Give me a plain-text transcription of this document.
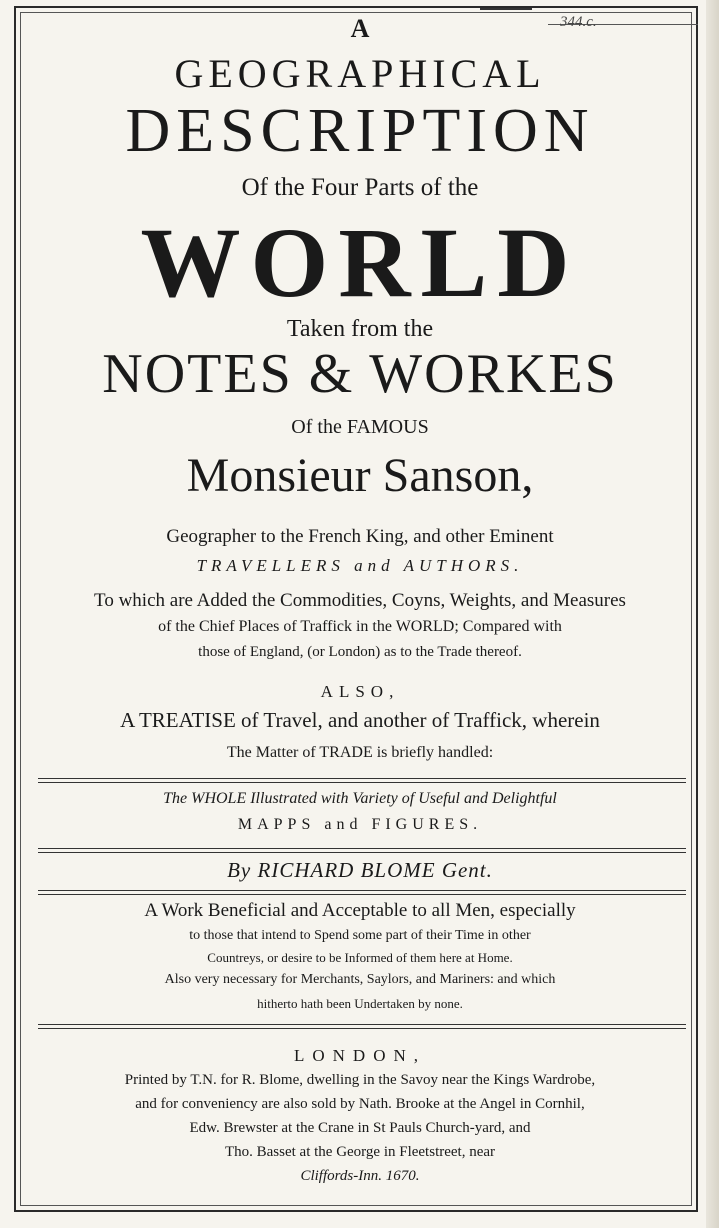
344.c.
A
GEOGRAPHICAL
DESCRIPTION
Of the Four Parts of the
WORLD
Taken from the
NOTES & WORKES
Of the FAMOUS
Monsieur Sanson,
Geographer to the French King, and other Eminent
TRAVELLERS and AUTHORS.
To which are Added the Commodities, Coyns, Weights, and Measures
of the Chief Places of Traffick in the WORLD; Compared with
those of England, (or London) as to the Trade thereof.
ALSO,
A TREATISE of Travel, and another of Traffick, wherein
The Matter of TRADE is briefly handled:
The WHOLE Illustrated with Variety of Useful and Delightful
MAPPS and FIGURES.
By RICHARD BLOME Gent.
A Work Beneficial and Acceptable to all Men, especially
to those that intend to Spend some part of their Time in other
Countreys, or desire to be Informed of them here at Home.
Also very necessary for Merchants, Saylors, and Mariners: and which
hitherto hath been Undertaken by none.
LONDON,
Printed by T.N. for R. Blome, dwelling in the Savoy near the Kings Wardrobe,
and for conveniency are also sold by Nath. Brooke at the Angel in Cornhil,
Edw. Brewster at the Crane in St Pauls Church-yard, and
Tho. Basset at the George in Fleetstreet, near
Cliffords-Inn. 1670.
